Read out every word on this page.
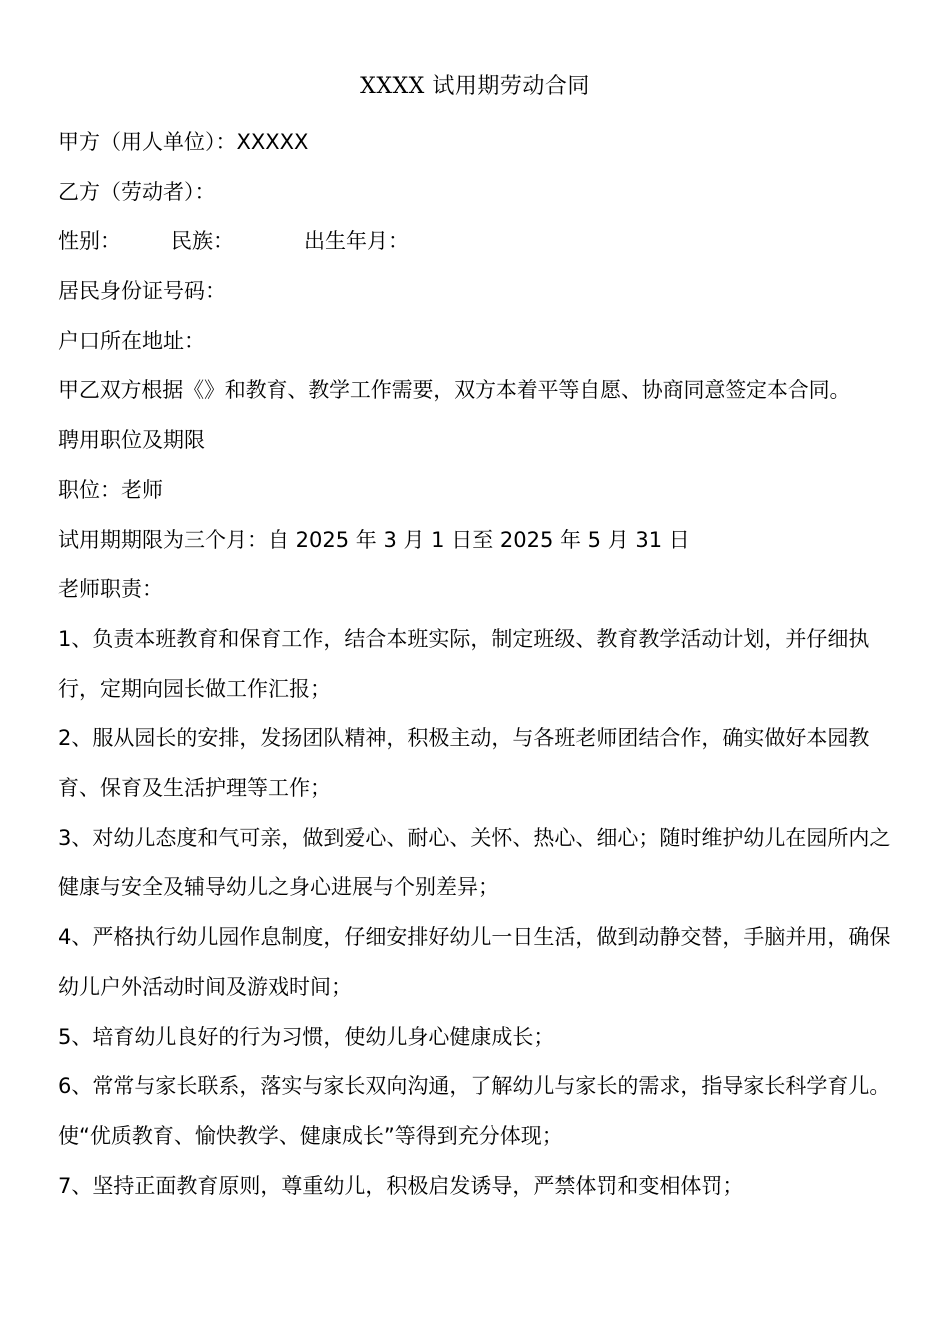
XXXX 试用期劳动合同
甲方（用人单位）：XXXXX
乙方（劳动者）：
性别： 民族：	出生年月：
居民身份证号码：
户口所在地址：
甲乙双方根据《》和教育、教学工作需要，双方本着平等自愿、协商同意签定本合同。
聘用职位及期限
职位：老师
试用期期限为三个月：自 2025 年 3 月 1 日至 2025 年 5 月 31 日
老师职责：
1、负责本班教育和保育工作，结合本班实际，制定班级、教育教学活动计划，并仔细执行，定期向园长做工作汇报；
2、服从园长的安排，发扬团队精神，积极主动，与各班老师团结合作，确实做好本园教育、保育及生活护理等工作；
3、对幼儿态度和气可亲，做到爱心、耐心、关怀、热心、细心；随时维护幼儿在园所内之健康与安全及辅导幼儿之身心进展与个别差异；
4、严格执行幼儿园作息制度，仔细安排好幼儿一日生活，做到动静交替，手脑并用，确保幼儿户外活动时间及游戏时间；
5、培育幼儿良好的行为习惯，使幼儿身心健康成长；
6、常常与家长联系，落实与家长双向沟通，了解幼儿与家长的需求，指导家长科学育儿。使“优质教育、愉快教学、健康成长”等得到充分体现；
7、坚持正面教育原则，尊重幼儿，积极启发诱导，严禁体罚和变相体罚；
